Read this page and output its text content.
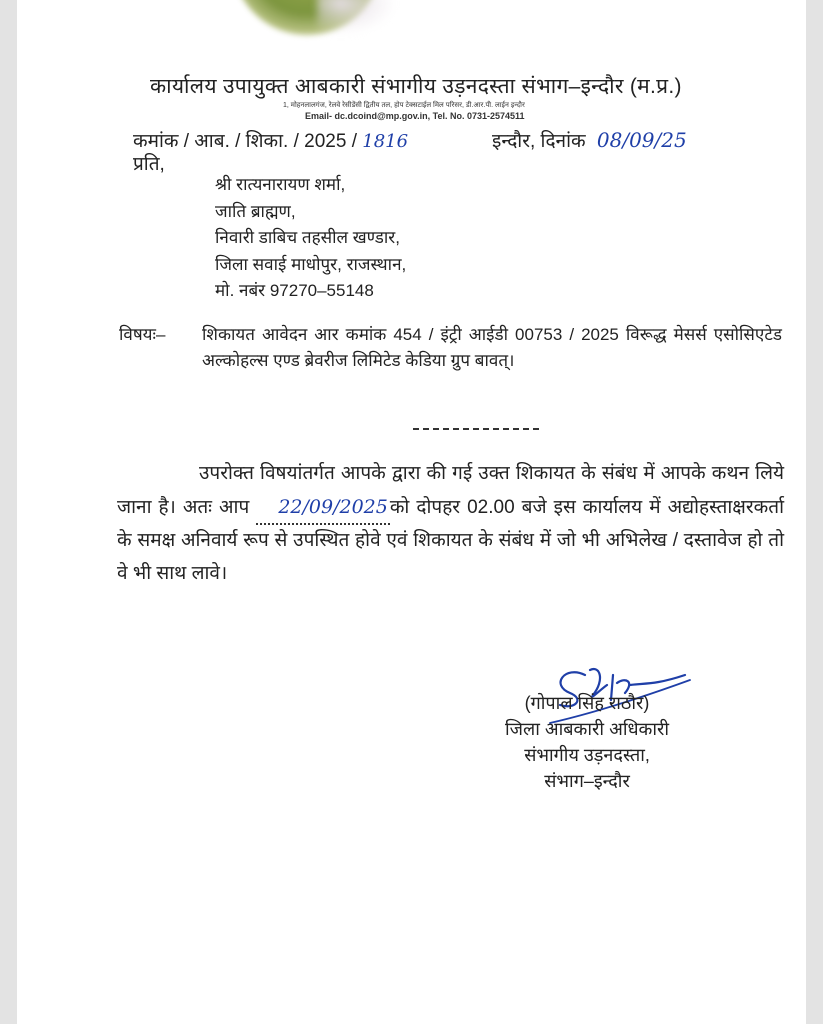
कार्यालय उपायुक्त आबकारी संभागीय उड़नदस्ता संभाग–इन्दौर (म.प्र.)
1, मोहनलालगंज, रेलवे रेसीडेंसी द्वितीय तल, होप टेक्सटाईल मिल परिसर, डी.आर.पी. लाईन इन्दौर
Email- dc.dcoind@mp.gov.in, Tel. No. 0731-2574511
कमांक / आब. / शिका. / 2025 / 1816	इन्दौर, दिनांक 08/09/25
प्रति,
श्री रात्यनारायण शर्मा,
जाति ब्राह्मण,
निवारी डाबिच तहसील खण्डार,
जिला सवाई माधोपुर, राजस्थान,
मो. नबंर 97270–55148
विषयः– शिकायत आवेदन आर कमांक 454 / इंट्री आईडी 00753 / 2025 विरूद्ध मेसर्स एसोसिएटेड अल्कोहल्स एण्ड ब्रेवरीज लिमिटेड केडिया ग्रुप बावत्।
उपरोक्त विषयांतर्गत आपके द्वारा की गई उक्त शिकायत के संबंध में आपके कथन लिये जाना है। अतः आप 22/09/2025 को दोपहर 02.00 बजे इस कार्यालय में अद्योहस्ताक्षरकर्ता के समक्ष अनिवार्य रूप से उपस्थित होवे एवं शिकायत के संबंध में जो भी अभिलेख / दस्तावेज हो तो वे भी साथ लावे।
(गोपाल सिंह राठौर)
जिला आबकारी अधिकारी
संभागीय उड़नदस्ता,
संभाग–इन्दौर
